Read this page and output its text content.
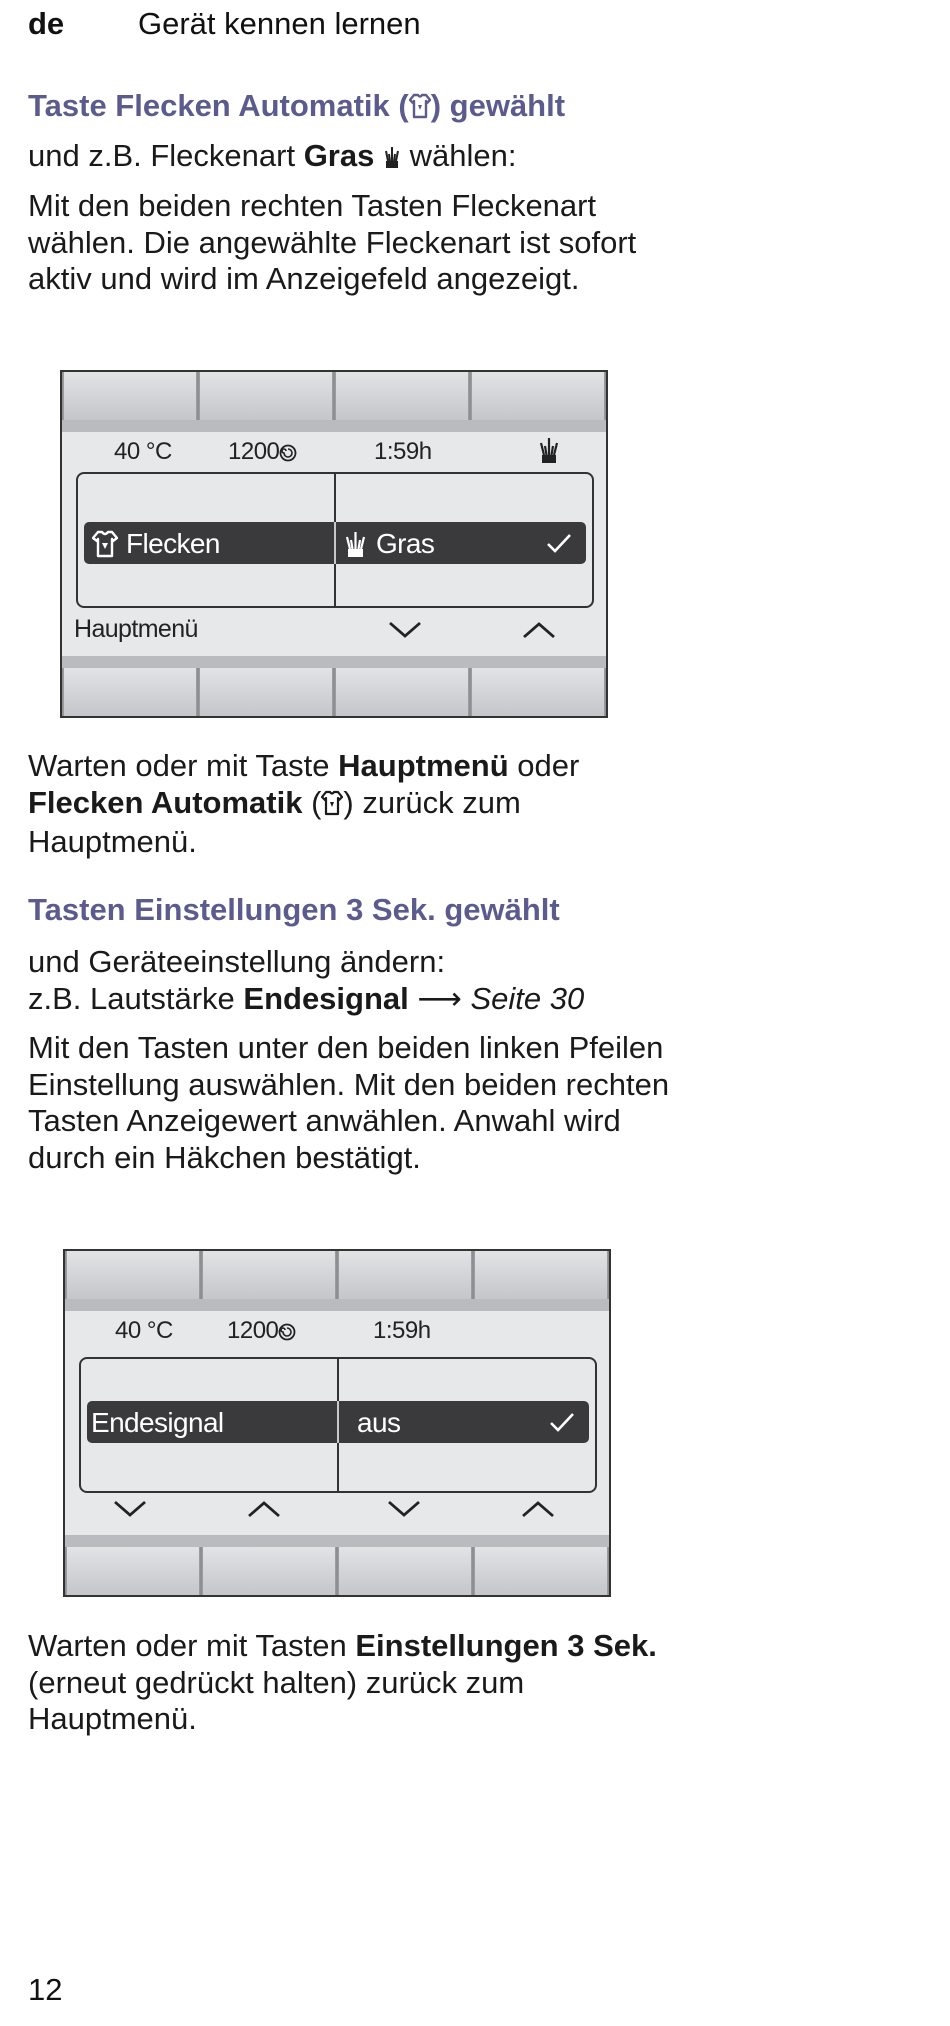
de Gerät kennen lernen
Taste Flecken Automatik ( ) gewählt
und z.B. Fleckenart Gras wählen:
Mit den beiden rechten Tasten Fleckenart wählen. Die angewählte Fleckenart ist sofort aktiv und wird im Anzeigefeld angezeigt.
40 °C 1200	1:59h
Flecken	Gras
Hauptmenü
Warten oder mit Taste Hauptmenü oder Flecken Automatik ( ) zurück zum Hauptmenü.
Tasten Einstellungen 3 Sek. gewählt
und Geräteeinstellung ändern:
z.B. Lautstärke Endesignal ⟶ Seite 30
Mit den Tasten unter den beiden linken Pfeilen Einstellung auswählen. Mit den beiden rechten Tasten Anzeigewert anwählen. Anwahl wird durch ein Häkchen bestätigt.
40 °C 1200	1:59h
Endesignal	aus
Warten oder mit Tasten Einstellungen 3 Sek. (erneut gedrückt halten) zurück zum Hauptmenü.
12
